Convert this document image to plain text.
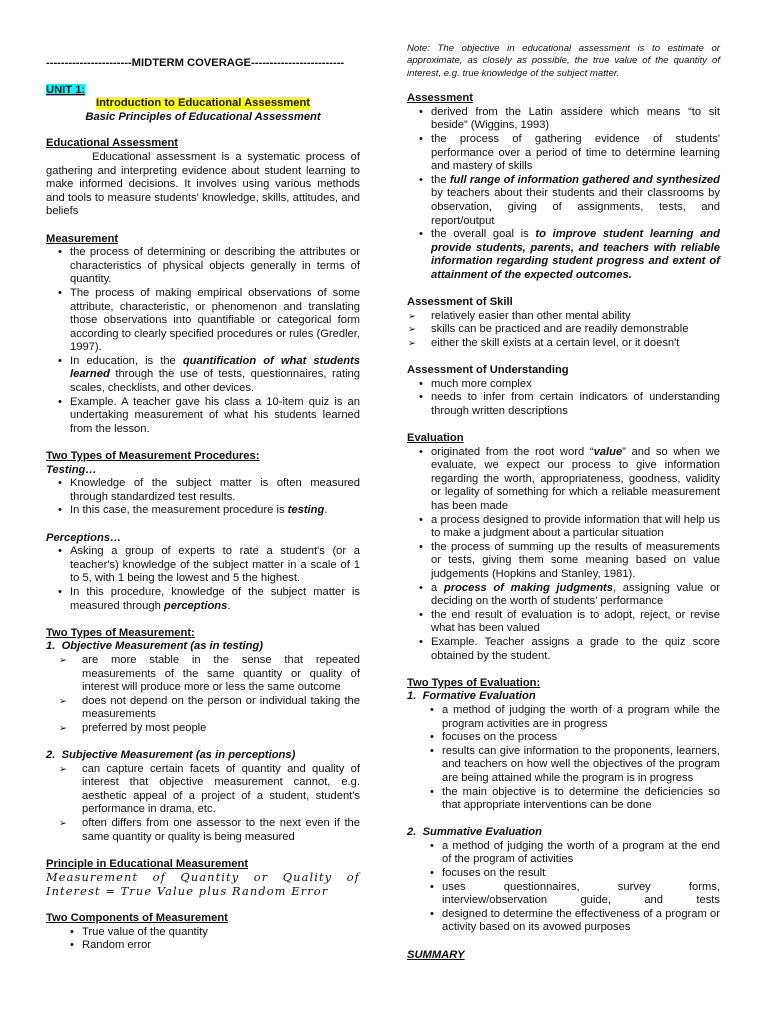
-----------------------MIDTERM COVERAGE-------------------------

UNIT 1:

Introduction to Educational Assessment

Basic Principles of Educational Assessment

Educational Assessment

Educational assessment is a systematic process of gathering and interpreting evidence about student learning to make informed decisions. It involves using various methods and tools to measure students' knowledge, skills, attitudes, and beliefs

Measurement

• the process of determining or describing the attributes or characteristics of physical objects generally in terms of quantity.
• The process of making empirical observations of some attribute, characteristic, or phenomenon and translating those observations into quantifiable or categorical form according to clearly specified procedures or rules (Gredler, 1997).
• In education, is the quantification of what students learned through the use of tests, questionnaires, rating scales, checklists, and other devices.
• Example. A teacher gave his class a 10-item quiz is an undertaking measurement of what his students learned from the lesson.

Two Types of Measurement Procedures:

Testing…

• Knowledge of the subject matter is often measured through standardized test results.
• In this case, the measurement procedure is testing.

Perceptions…

• Asking a group of experts to rate a student's (or a teacher's) knowledge of the subject matter in a scale of 1 to 5, with 1 being the lowest and 5 the highest.
• In this procedure, knowledge of the subject matter is measured through perceptions.

Two Types of Measurement:

1. Objective Measurement (as in testing)

➢ are more stable in the sense that repeated measurements of the same quantity or quality of interest will produce more or less the same outcome
➢ does not depend on the person or individual taking the measurements
➢ preferred by most people

2. Subjective Measurement (as in perceptions)

➢ can capture certain facets of quantity and quality of interest that objective measurement cannot, e.g. aesthetic appeal of a project of a student, student's performance in drama, etc.
➢ often differs from one assessor to the next even if the same quantity or quality is being measured

Principle in Educational Measurement

Measurement of Quantity or Quality of

Interest = True Value plus Random Error

Two Components of Measurement

• True value of the quantity
• Random error

Note: The objective in educational assessment is to estimate or approximate, as closely as possible, the true value of the quantity of interest, e.g. true knowledge of the subject matter.

Assessment

• derived from the Latin assidere which means “to sit beside” (Wiggins, 1993)
• the process of gathering evidence of students' performance over a period of time to determine learning and mastery of skills
• the full range of information gathered and synthesized by teachers about their students and their classrooms by observation, giving of assignments, tests, and report/output
• the overall goal is to improve student learning and provide students, parents, and teachers with reliable information regarding student progress and extent of attainment of the expected outcomes.

Assessment of Skill

➢ relatively easier than other mental ability
➢ skills can be practiced and are readily demonstrable
➢ either the skill exists at a certain level, or it doesn't

Assessment of Understanding

• much more complex
• needs to infer from certain indicators of understanding through written descriptions

Evaluation

• originated from the root word “value” and so when we evaluate, we expect our process to give information regarding the worth, appropriateness, goodness, validity or legality of something for which a reliable measurement has been made
• a process designed to provide information that will help us to make a judgment about a particular situation
• the process of summing up the results of measurements or tests, giving them some meaning based on value judgements (Hopkins and Stanley, 1981).
• a process of making judgments, assigning value or deciding on the worth of students' performance
• the end result of evaluation is to adopt, reject, or revise what has been valued
• Example. Teacher assigns a grade to the quiz score obtained by the student.

Two Types of Evaluation:

1. Formative Evaluation

• a method of judging the worth of a program while the program activities are in progress
• focuses on the process
• results can give information to the proponents, learners, and teachers on how well the objectives of the program are being attained while the program is in progress
• the main objective is to determine the deficiencies so that appropriate interventions can be done

2. Summative Evaluation

• a method of judging the worth of a program at the end of the program of activities
• focuses on the result
• uses questionnaires, survey forms, interview/observation guide, and tests
• designed to determine the effectiveness of a program or activity based on its avowed purposes

SUMMARY
